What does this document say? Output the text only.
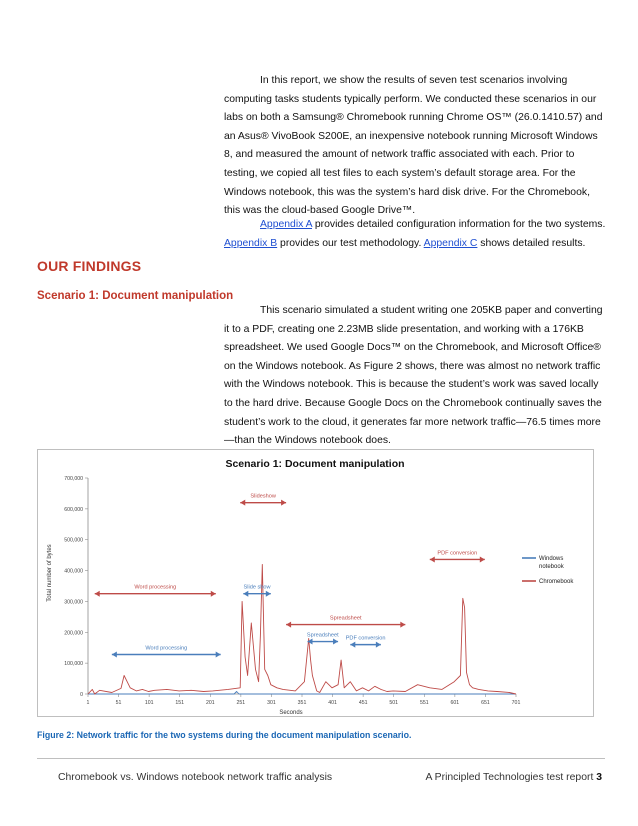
In this report, we show the results of seven test scenarios involving computing tasks students typically perform. We conducted these scenarios in our labs on both a Samsung® Chromebook running Chrome OS™ (26.0.1410.57) and an Asus® VivoBook S200E, an inexpensive notebook running Microsoft Windows 8, and measured the amount of network traffic associated with each. Prior to testing, we copied all test files to each system’s default storage area. For the Windows notebook, this was the system’s hard disk drive. For the Chromebook, this was the cloud-based Google Drive™.
Appendix A provides detailed configuration information for the two systems. Appendix B provides our test methodology. Appendix C shows detailed results.
OUR FINDINGS
Scenario 1: Document manipulation
This scenario simulated a student writing one 205KB paper and converting it to a PDF, creating one 2.23MB slide presentation, and working with a 176KB spreadsheet. We used Google Docs™ on the Chromebook, and Microsoft Office® on the Windows notebook. As Figure 2 shows, there was almost no network traffic with the Windows notebook. This is because the student’s work was saved locally to the hard drive. Because Google Docs on the Chromebook continually saves the student’s work to the cloud, it generates far more network traffic—76.5 times more—than the Windows notebook does.
Scenario 1: Document manipulation
Seconds
Total number of bytes
0
100,000
200,000
300,000
400,000
500,000
600,000
700,000
1	51	101	151	201	251	301	351	401	451	501	551	601	651	701
Slideshow
Word processing	Slide show
Word processing
Spreadsheet
Spreadsheet
PDF conversion
PDF conversion
Windows notebook
Chromebook

Figure 2: Network traffic for the two systems during the document manipulation scenario.

Chromebook vs. Windows notebook network traffic analysis	A Principled Technologies test report 3
